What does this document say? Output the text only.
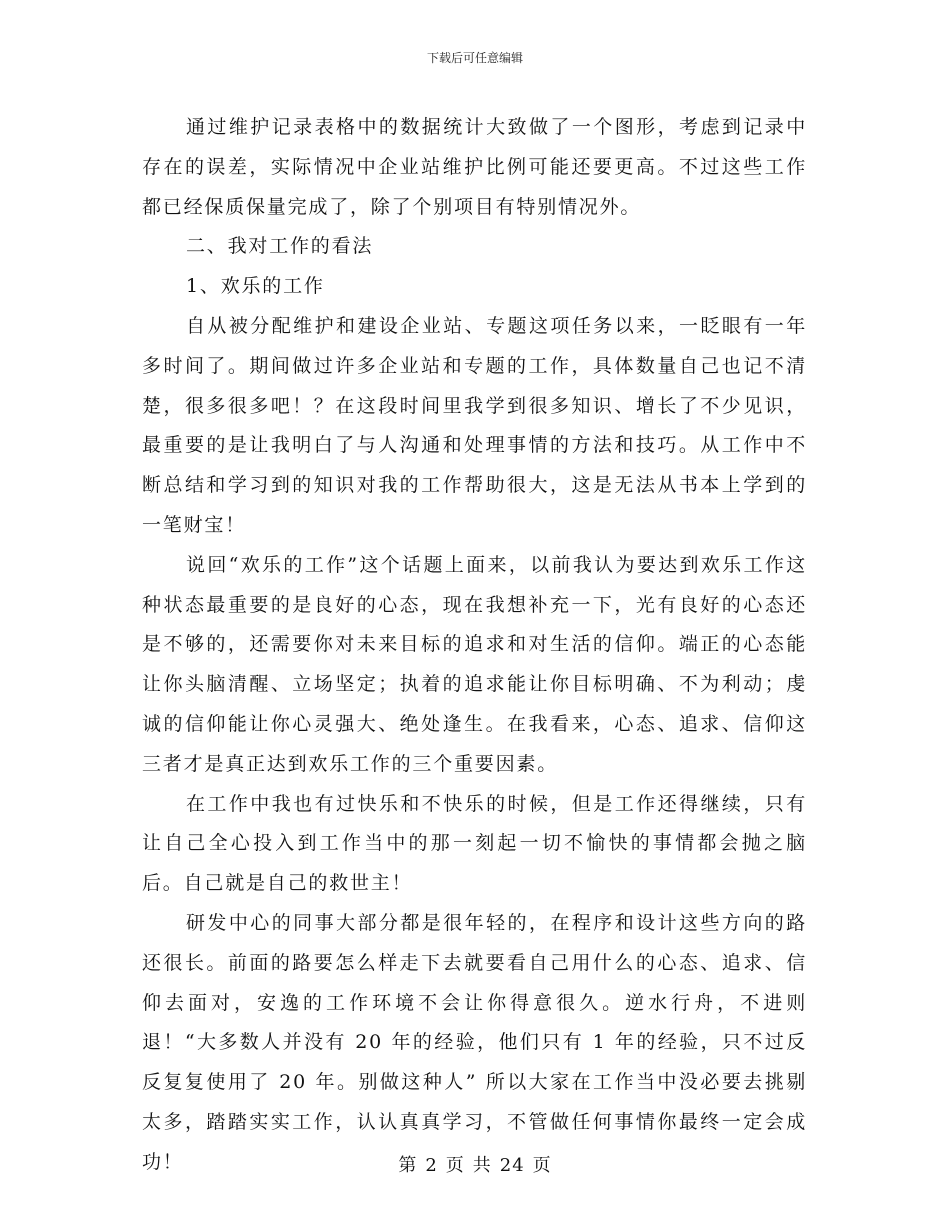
下载后可任意编辑

通过维护记录表格中的数据统计大致做了一个图形，考虑到记录中存在的误差，实际情况中企业站维护比例可能还要更高。不过这些工作都已经保质保量完成了，除了个别项目有特别情况外。

二、我对工作的看法

1、欢乐的工作

自从被分配维护和建设企业站、专题这项任务以来，一眨眼有一年多时间了。期间做过许多企业站和专题的工作，具体数量自己也记不清楚，很多很多吧！？在这段时间里我学到很多知识、增长了不少见识，最重要的是让我明白了与人沟通和处理事情的方法和技巧。从工作中不断总结和学习到的知识对我的工作帮助很大，这是无法从书本上学到的一笔财宝！

说回“欢乐的工作”这个话题上面来，以前我认为要达到欢乐工作这种状态最重要的是良好的心态，现在我想补充一下，光有良好的心态还是不够的，还需要你对未来目标的追求和对生活的信仰。端正的心态能让你头脑清醒、立场坚定；执着的追求能让你目标明确、不为利动；虔诚的信仰能让你心灵强大、绝处逢生。在我看来，心态、追求、信仰这三者才是真正达到欢乐工作的三个重要因素。

在工作中我也有过快乐和不快乐的时候，但是工作还得继续，只有让自己全心投入到工作当中的那一刻起一切不愉快的事情都会抛之脑后。自己就是自己的救世主！

研发中心的同事大部分都是很年轻的，在程序和设计这些方向的路还很长。前面的路要怎么样走下去就要看自己用什么的心态、追求、信仰去面对，安逸的工作环境不会让你得意很久。逆水行舟，不进则退！“大多数人并没有 20 年的经验，他们只有 1 年的经验，只不过反反复复使用了 20 年。别做这种人” 所以大家在工作当中没必要去挑剔太多，踏踏实实工作，认认真真学习，不管做任何事情你最终一定会成功！	第 2 页 共 24 页
